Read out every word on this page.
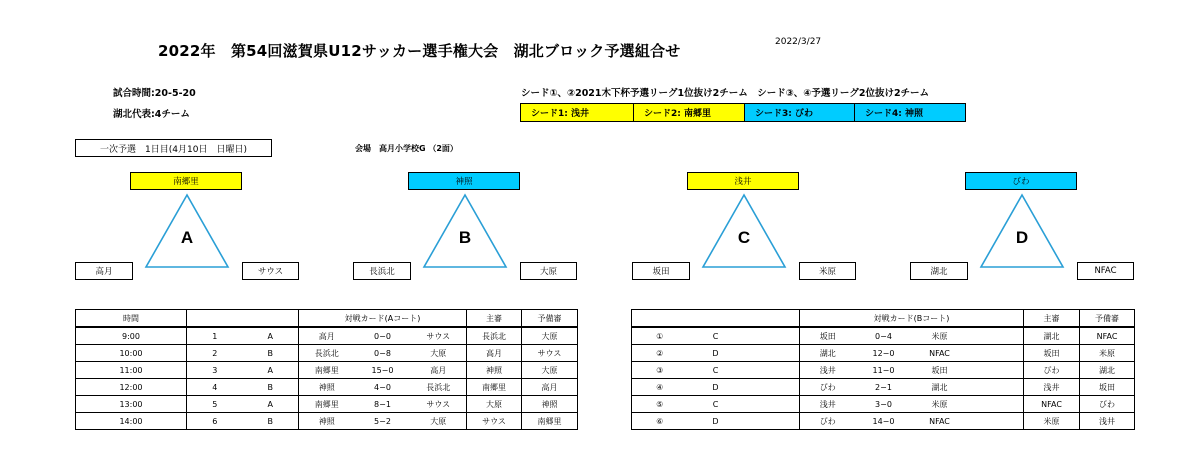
2022年　第54回滋賀県U12サッカー選手権大会　湖北ブロック予選組合せ	2022/3/27
試合時間:20-5-20
湖北代表:4チーム
シード①、②2021木下杯予選リーグ1位抜け2チーム　シード③、④予選リーグ2位抜け2チーム
シード1: 浅井	シード2: 南郷里	シード3: びわ	シード4: 神照
一次予選　1日目(4月10日　日曜日)	会場　高月小学校G （2面）
南郷里
A
高月	サウス
神照
B
長浜北	大原
浅井
C
坂田	米原
びわ
D
湖北	NFAC
時間			対戦カード(Aコート)			主審	予備審
9:00	1	A	高月	0−0	サウス	長浜北	大原
10:00	2	B	長浜北	0−8	大原	高月	サウス
11:00	3	A	南郷里	15−0	高月	神照	大原
12:00	4	B	神照	4−0	長浜北	南郷里	高月
13:00	5	A	南郷里	8−1	サウス	大原	神照
14:00	6	B	神照	5−2	大原	サウス	南郷里
			対戦カード(Bコート)				主審	予備審
①	C		坂田	0−4	米原		湖北	NFAC
②	D		湖北	12−0	NFAC		坂田	米原
③	C		浅井	11−0	坂田		びわ	湖北
④	D		びわ	2−1	湖北		浅井	坂田
⑤	C		浅井	3−0	米原		NFAC	びわ
⑥	D		びわ	14−0	NFAC		米原	浅井
